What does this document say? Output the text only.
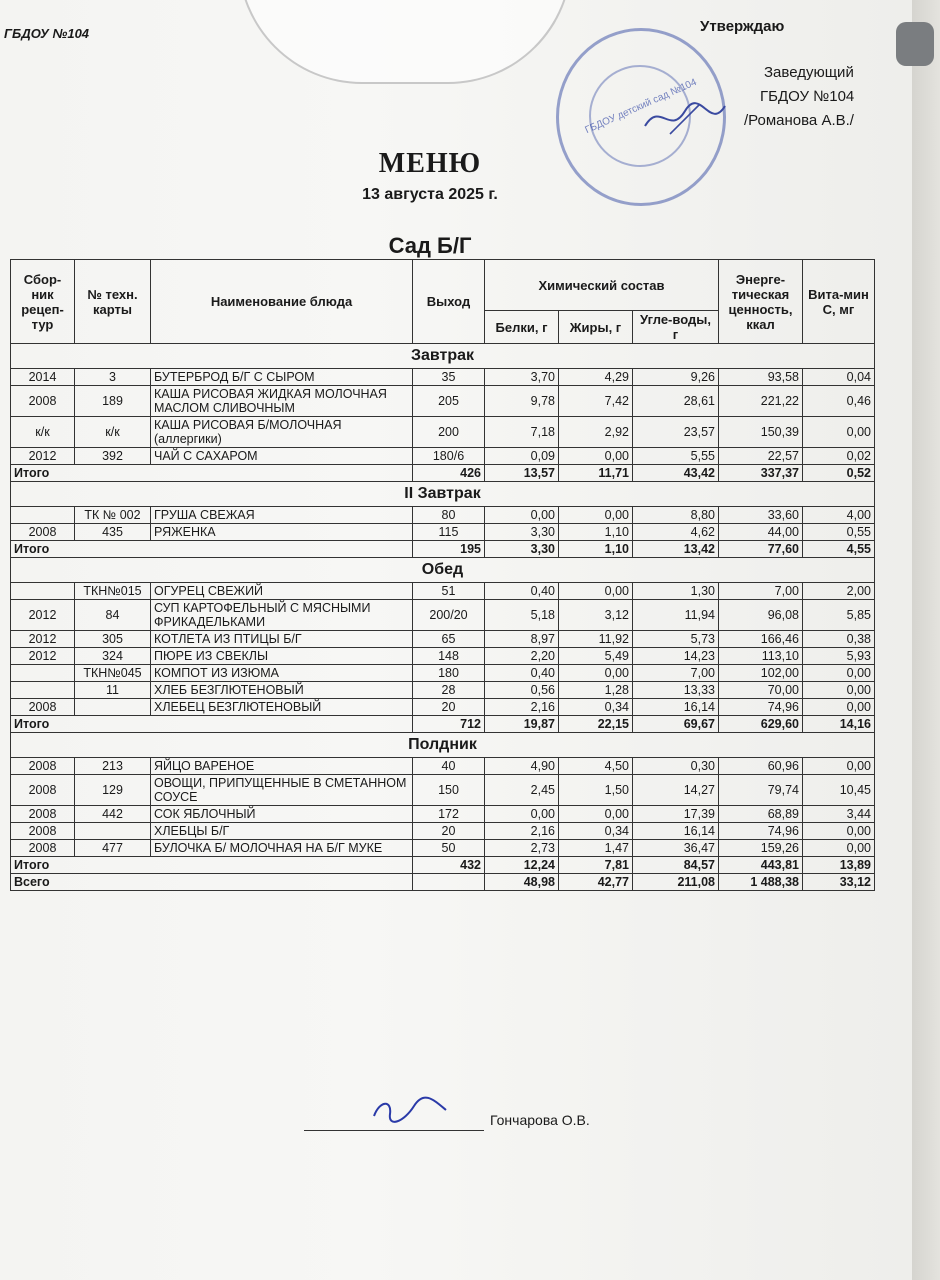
ГБДОУ №104
ГБДОУ детский сад №104
Утверждаю
Заведующий
ГБДОУ №104
/Романова А.В./
МЕНЮ
13 августа 2025 г.
Сад Б/Г
Сбор-ник рецеп-тур	№ техн. карты	Наименование блюда	Выход	Химический состав			Энерге-тическая ценность, ккал	Вита-мин С, мг
				Белки, г	Жиры, г	Угле-воды, г		
Завтрак								
2014	3	БУТЕРБРОД Б/Г С СЫРОМ	35	3,70	4,29	9,26	93,58	0,04
2008	189	КАША РИСОВАЯ ЖИДКАЯ МОЛОЧНАЯ МАСЛОМ СЛИВОЧНЫМ	205	9,78	7,42	28,61	221,22	0,46
к/к	к/к	КАША РИСОВАЯ Б/МОЛОЧНАЯ (аллергики)	200	7,18	2,92	23,57	150,39	0,00
2012	392	ЧАЙ С САХАРОМ	180/6	0,09	0,00	5,55	22,57	0,02
Итого			426	13,57	11,71	43,42	337,37	0,52
II Завтрак								
	ТК № 002	ГРУША СВЕЖАЯ	80	0,00	0,00	8,80	33,60	4,00
2008	435	РЯЖЕНКА	115	3,30	1,10	4,62	44,00	0,55
Итого			195	3,30	1,10	13,42	77,60	4,55
Обед								
	ТКН№015	ОГУРЕЦ СВЕЖИЙ	51	0,40	0,00	1,30	7,00	2,00
2012	84	СУП КАРТОФЕЛЬНЫЙ С МЯСНЫМИ ФРИКАДЕЛЬКАМИ	200/20	5,18	3,12	11,94	96,08	5,85
2012	305	КОТЛЕТА ИЗ ПТИЦЫ Б/Г	65	8,97	11,92	5,73	166,46	0,38
2012	324	ПЮРЕ ИЗ СВЕКЛЫ	148	2,20	5,49	14,23	113,10	5,93
	ТКН№045	КОМПОТ ИЗ ИЗЮМА	180	0,40	0,00	7,00	102,00	0,00
	11	ХЛЕБ БЕЗГЛЮТЕНОВЫЙ	28	0,56	1,28	13,33	70,00	0,00
2008		ХЛЕБЕЦ БЕЗГЛЮТЕНОВЫЙ	20	2,16	0,34	16,14	74,96	0,00
Итого			712	19,87	22,15	69,67	629,60	14,16
Полдник								
2008	213	ЯЙЦО ВАРЕНОЕ	40	4,90	4,50	0,30	60,96	0,00
2008	129	ОВОЩИ, ПРИПУЩЕННЫЕ В СМЕТАННОМ СОУСЕ	150	2,45	1,50	14,27	79,74	10,45
2008	442	СОК ЯБЛОЧНЫЙ	172	0,00	0,00	17,39	68,89	3,44
2008		ХЛЕБЦЫ Б/Г	20	2,16	0,34	16,14	74,96	0,00
2008	477	БУЛОЧКА Б/ МОЛОЧНАЯ НА Б/Г МУКЕ	50	2,73	1,47	36,47	159,26	0,00
Итого			432	12,24	7,81	84,57	443,81	13,89
Всего				48,98	42,77	211,08	1 488,38	33,12
Гончарова О.В.
